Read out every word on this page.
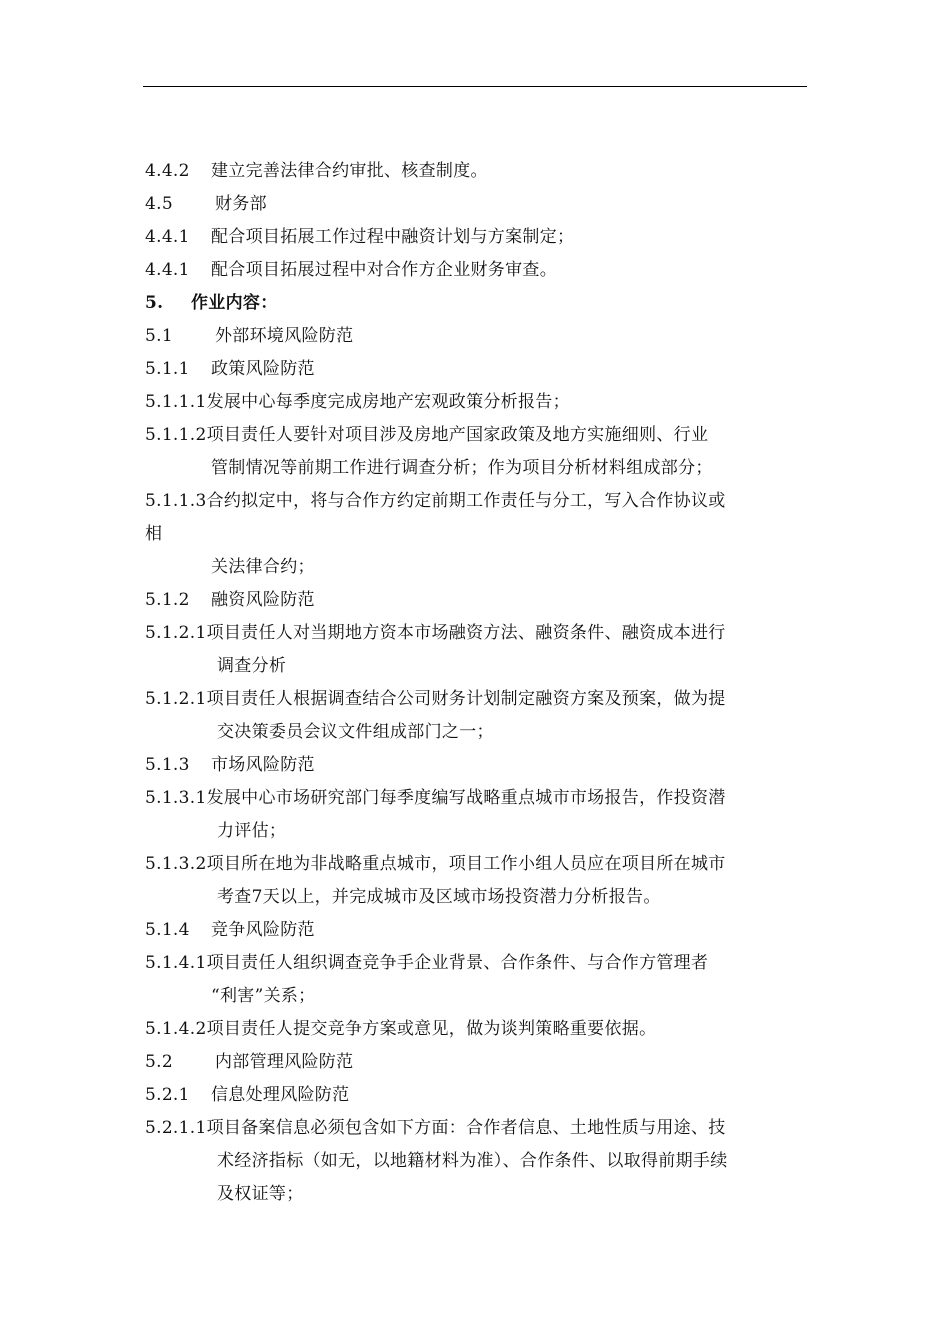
4.4.2 建立完善法律合约审批、核查制度。
4.5 财务部
4.4.1 配合项目拓展工作过程中融资计划与方案制定；
4.4.1 配合项目拓展过程中对合作方企业财务审查。
5. 作业内容：
5.1 外部环境风险防范
5.1.1 政策风险防范
5.1.1.1发展中心每季度完成房地产宏观政策分析报告；
5.1.1.2项目责任人要针对项目涉及房地产国家政策及地方实施细则、行业
管制情况等前期工作进行调查分析；作为项目分析材料组成部分；
5.1.1.3合约拟定中，将与合作方约定前期工作责任与分工，写入合作协议或
相
关法律合约；
5.1.2 融资风险防范
5.1.2.1项目责任人对当期地方资本市场融资方法、融资条件、融资成本进行
调查分析
5.1.2.1项目责任人根据调查结合公司财务计划制定融资方案及预案，做为提
交决策委员会议文件组成部门之一；
5.1.3 市场风险防范
5.1.3.1发展中心市场研究部门每季度编写战略重点城市市场报告，作投资潜
力评估；
5.1.3.2项目所在地为非战略重点城市，项目工作小组人员应在项目所在城市
考查7天以上，并完成城市及区域市场投资潜力分析报告。
5.1.4 竞争风险防范
5.1.4.1项目责任人组织调查竞争手企业背景、合作条件、与合作方管理者
“利害”关系；
5.1.4.2项目责任人提交竞争方案或意见，做为谈判策略重要依据。
5.2 内部管理风险防范
5.2.1 信息处理风险防范
5.2.1.1项目备案信息必须包含如下方面：合作者信息、土地性质与用途、技
术经济指标（如无，以地籍材料为准）、合作条件、以取得前期手续
及权证等；
